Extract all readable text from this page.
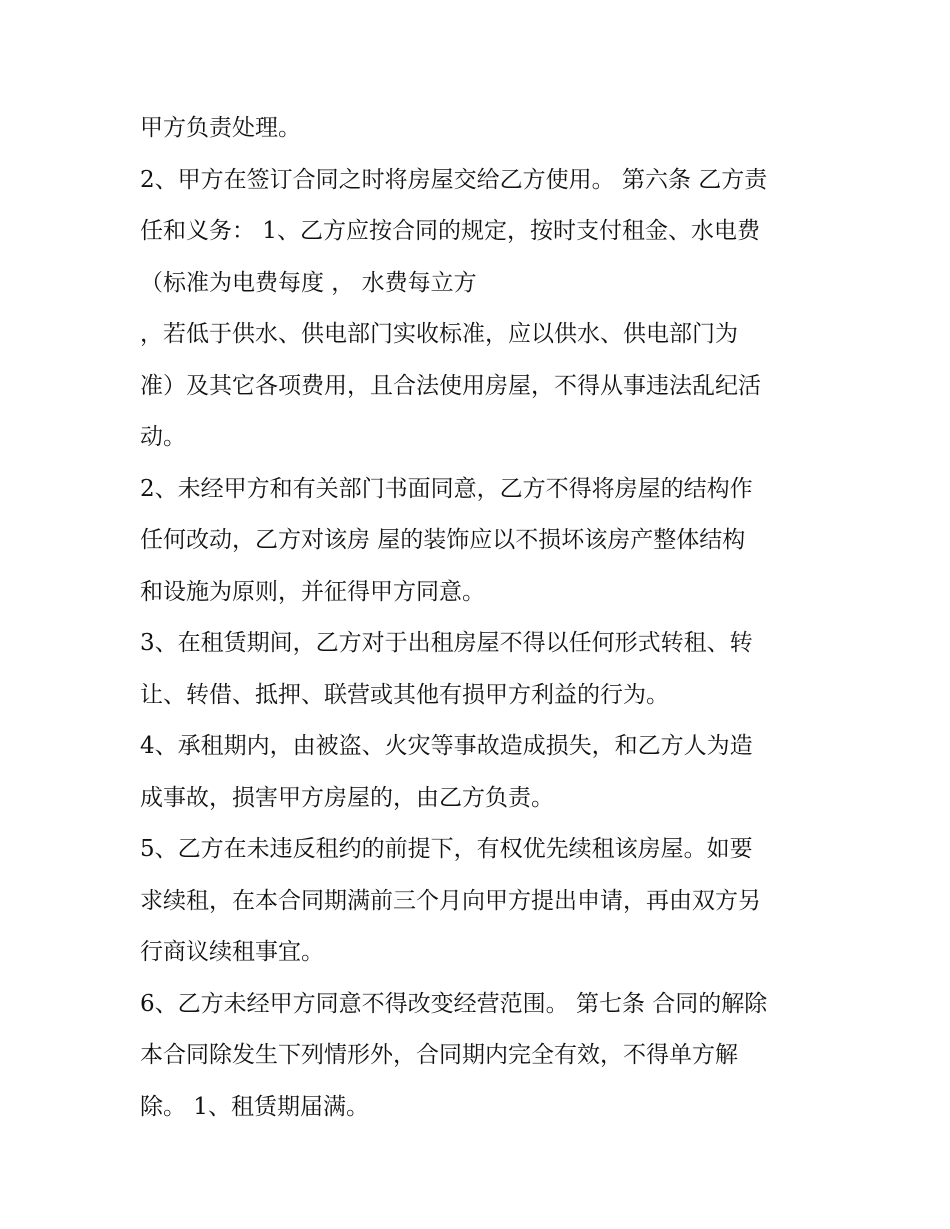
甲方负责处理。
2、甲方在签订合同之时将房屋交给乙方使用。 第六条 乙方责
任和义务： 1、乙方应按合同的规定，按时支付租金、水电费
（标准为电费每度 ， 水费每立方
，若低于供水、供电部门实收标准，应以供水、供电部门为
准）及其它各项费用，且合法使用房屋，不得从事违法乱纪活
动。
2、未经甲方和有关部门书面同意，乙方不得将房屋的结构作
任何改动，乙方对该房 屋的装饰应以不损坏该房产整体结构
和设施为原则，并征得甲方同意。
3、在租赁期间，乙方对于出租房屋不得以任何形式转租、转
让、转借、抵押、联营或其他有损甲方利益的行为。
4、承租期内，由被盗、火灾等事故造成损失，和乙方人为造
成事故，损害甲方房屋的，由乙方负责。
5、乙方在未违反租约的前提下，有权优先续租该房屋。如要
求续租，在本合同期满前三个月向甲方提出申请，再由双方另
行商议续租事宜。
6、乙方未经甲方同意不得改变经营范围。 第七条 合同的解除
本合同除发生下列情形外，合同期内完全有效，不得单方解
除。 1、租赁期届满。
